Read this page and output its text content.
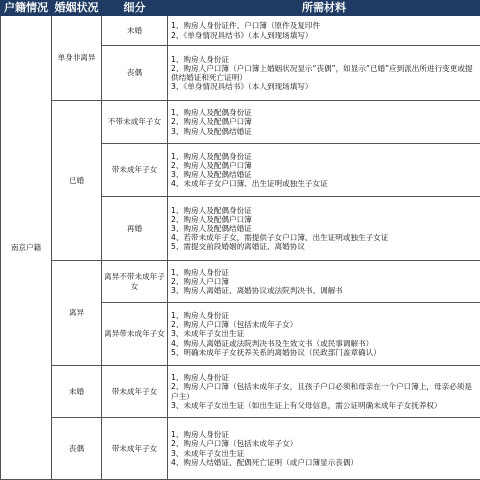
户籍情况	婚姻状况	细分	所需材料
南京户籍	单身非离异	未婚	1、购房人身份证件、户口簿（原件及复印件
2、《单身情况具结书》（本人到现场填写）

		丧偶	1、购房人身份证
2、购房人户口簿（户口簿上婚姻状况显示“丧偶”，如显示“已婚”应到派出所进行变更或提供结婚证和死亡证明）
3、《单身情况具结书》（本人到现场填写）

	已婚	不带未成年子女	1、购房人及配偶身份证
2、购房人及配偶户口簿
3、购房人及配偶结婚证

		带未成年子女	1、购房人及配偶身份证
2、购房人及配偶户口簿
3、购房人及配偶结婚证
4、未成年子女户口簿、出生证明或独生子女证

		再婚	1、购房人及配偶身份证
2、购房人及配偶户口簿
3、购房人及配偶结婚证
4、若带未成年子女，需提供子女户口簿、出生证明或独生子女证
5、需提交前段婚姻的离婚证、离婚协议

	离异	离异不带未成年子女	1、购房人身份证
2、购房人户口簿
3、购房人离婚证、离婚协议或法院判决书、调解书

		离异带未成年子女	1、购房人身份证
2、购房人户口簿（包括未成年子女）
3、未成年子女出生证
4、购房人离婚证或法院判决书及生效文书（或民事调解书）
5、明确未成年子女抚养关系的离婚协议（民政部门盖章确认）

	未婚	带未成年子女	1、购房人身份证
2、购房人户口簿（包括未成年子女，且孩子户口必须和母亲在一个户口簿上，母亲必须是户主）
3、未成年子女出生证（如出生证上有父母信息，需公证明确未成年子女抚养权）

	丧偶	带未成年子女	1、购房人身份证
2、购房人户口簿（包括未成年子女）
3、未成年子女出生证
4、购房人结婚证、配偶死亡证明（或户口簿显示丧偶）
